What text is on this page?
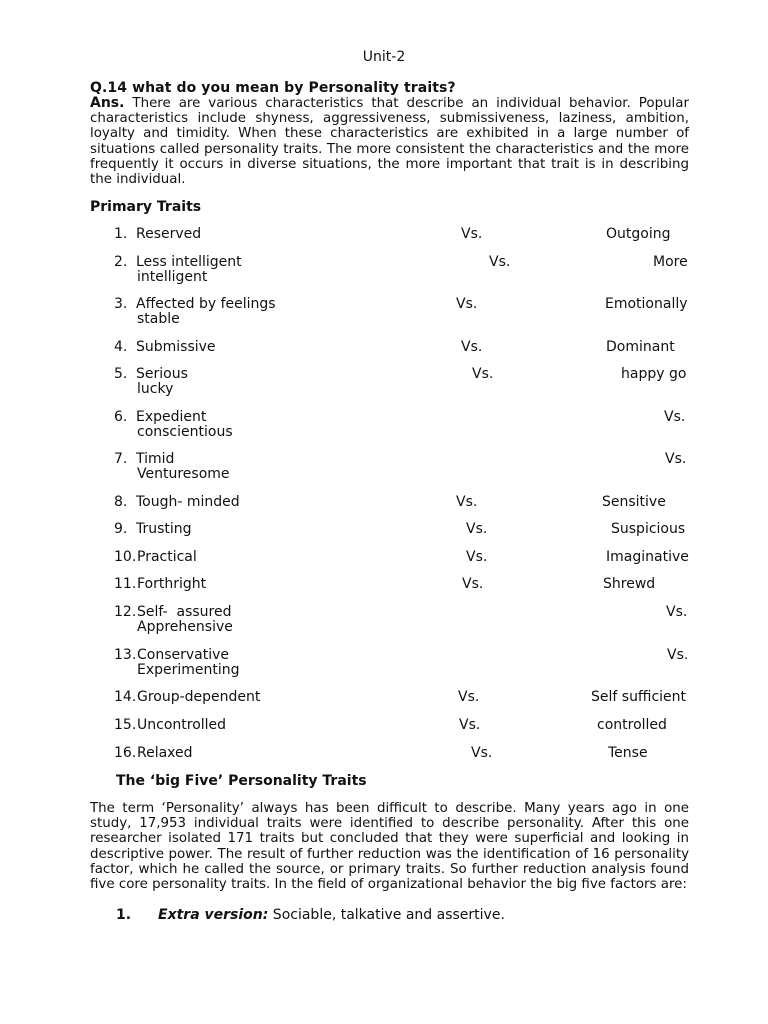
Unit-2
Q.14 what do you mean by Personality traits?
Ans. There are various characteristics that describe an individual behavior. Popular characteristics include shyness, aggressiveness, submissiveness, laziness, ambition, loyalty and timidity. When these characteristics are exhibited in a large number of situations called personality traits. The more consistent the characteristics and the more frequently it occurs in diverse situations, the more important that trait is in describing the individual.
Primary Traits
1. Reserved	Vs.	Outgoing
2. Less intelligent	Vs.	More
intelligent
3. Affected by feelings	Vs.	Emotionally
stable
4. Submissive	Vs.	Dominant
5. Serious	Vs.	happy go
lucky
6. Expedient	Vs.
conscientious
7. Timid	Vs.
Venturesome
8. Tough- minded	Vs.	Sensitive
9. Trusting	Vs.	Suspicious
10. Practical	Vs.	Imaginative
11. Forthright	Vs.	Shrewd
12. Self-  assured	Vs.
Apprehensive
13. Conservative	Vs.
Experimenting
14. Group-dependent	Vs.	Self sufficient
15. Uncontrolled	Vs.	controlled
16. Relaxed	Vs.	Tense
The ‘big Five’ Personality Traits
The term ‘Personality’ always has been difficult to describe. Many years ago in one study, 17,953 individual traits were identified to describe personality. After this one researcher isolated 171 traits but concluded that they were superficial and looking in descriptive power. The result of further reduction was the identification of 16 personality factor, which he called the source, or primary traits. So further reduction analysis found five core personality traits. In the field of organizational behavior the big five factors are:
1. Extra version: Sociable, talkative and assertive.
